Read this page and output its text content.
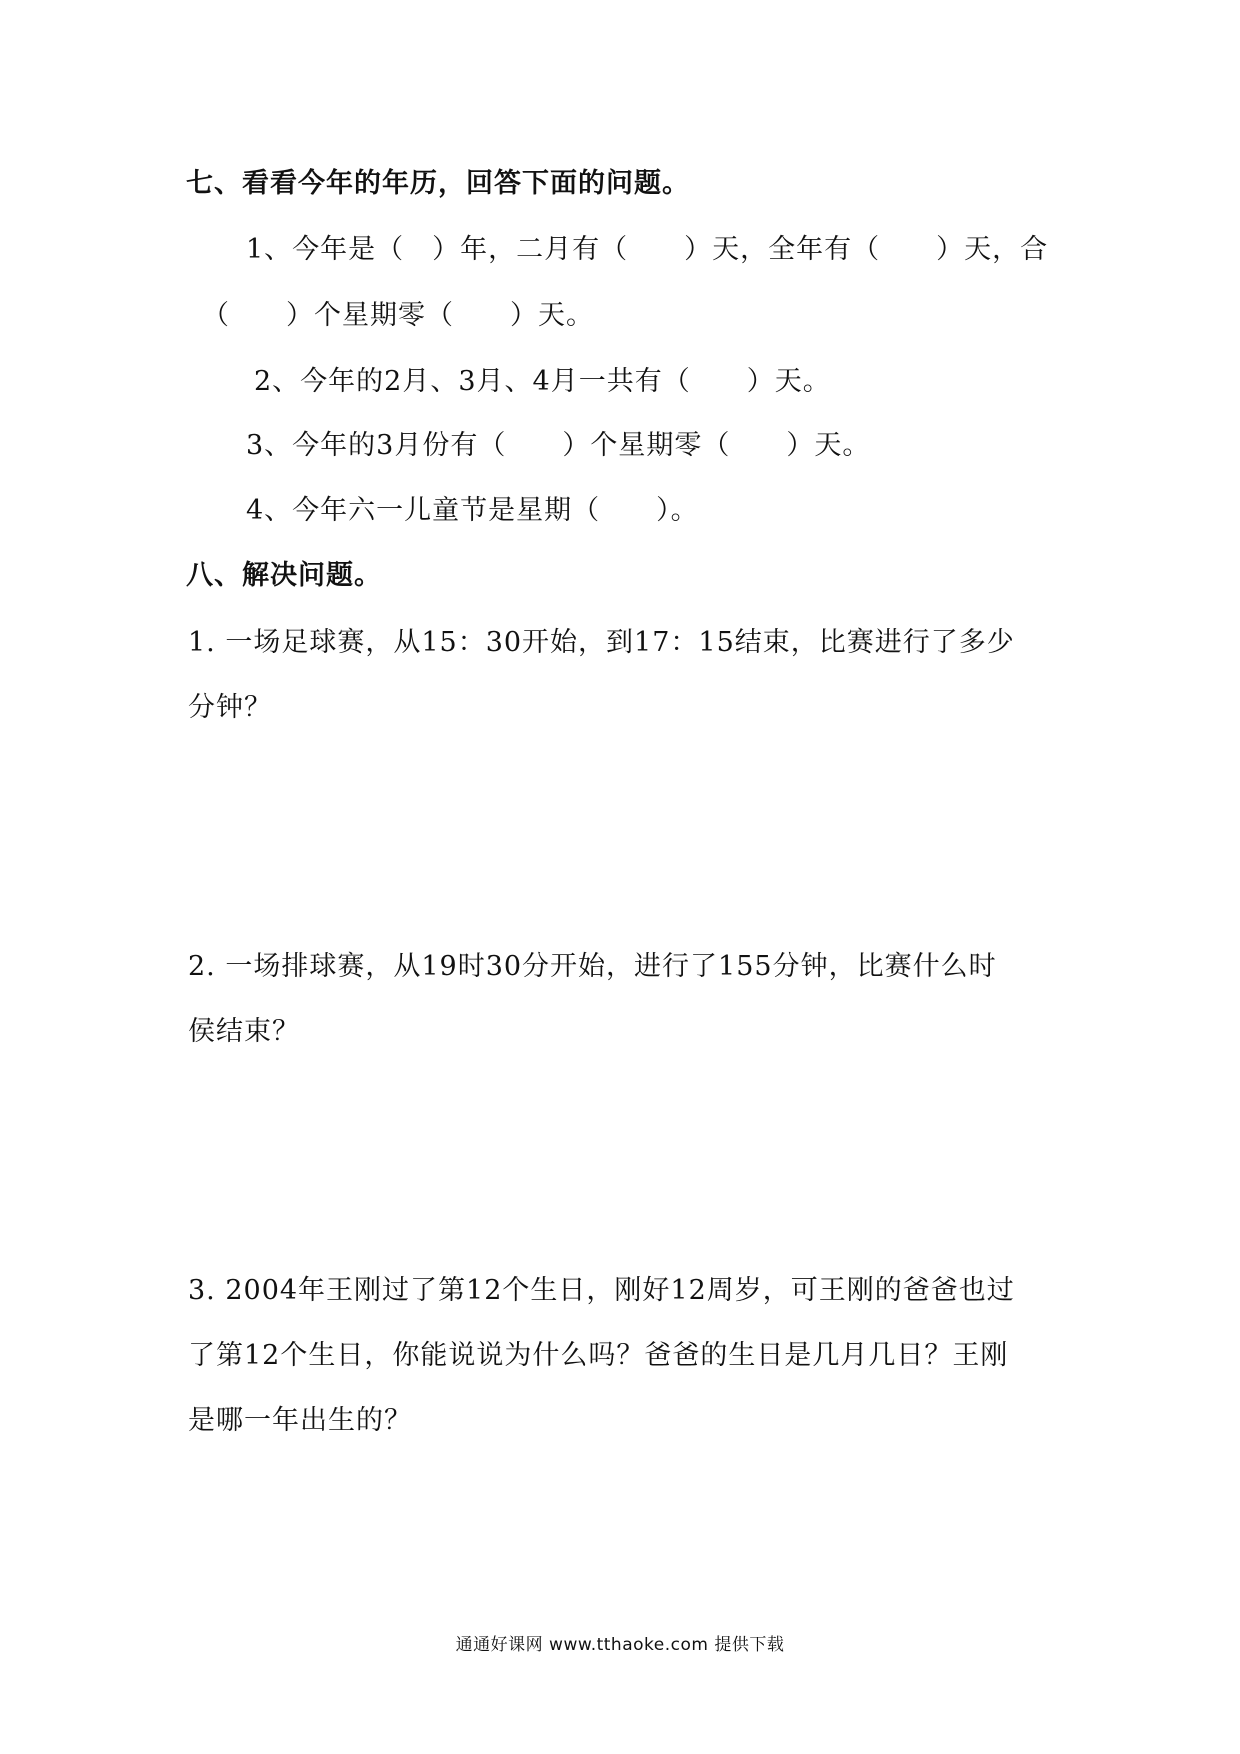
七、看看今年的年历，回答下面的问题。
1、今年是（　）年，二月有（　　）天，全年有（　　）天，合
（　　）个星期零（　　）天。
2、今年的2月、3月、4月一共有（　　）天。
3、今年的3月份有（　　）个星期零（　　）天。
4、今年六一儿童节是星期（　　）。
八、解决问题。
1. 一场足球赛，从15：30开始，到17：15结束，比赛进行了多少
分钟？
2. 一场排球赛，从19时30分开始，进行了155分钟，比赛什么时
侯结束？
3. 2004年王刚过了第12个生日，刚好12周岁，可王刚的爸爸也过
了第12个生日，你能说说为什么吗？爸爸的生日是几月几日？王刚
是哪一年出生的？
通通好课网 www.tthaoke.com 提供下载
